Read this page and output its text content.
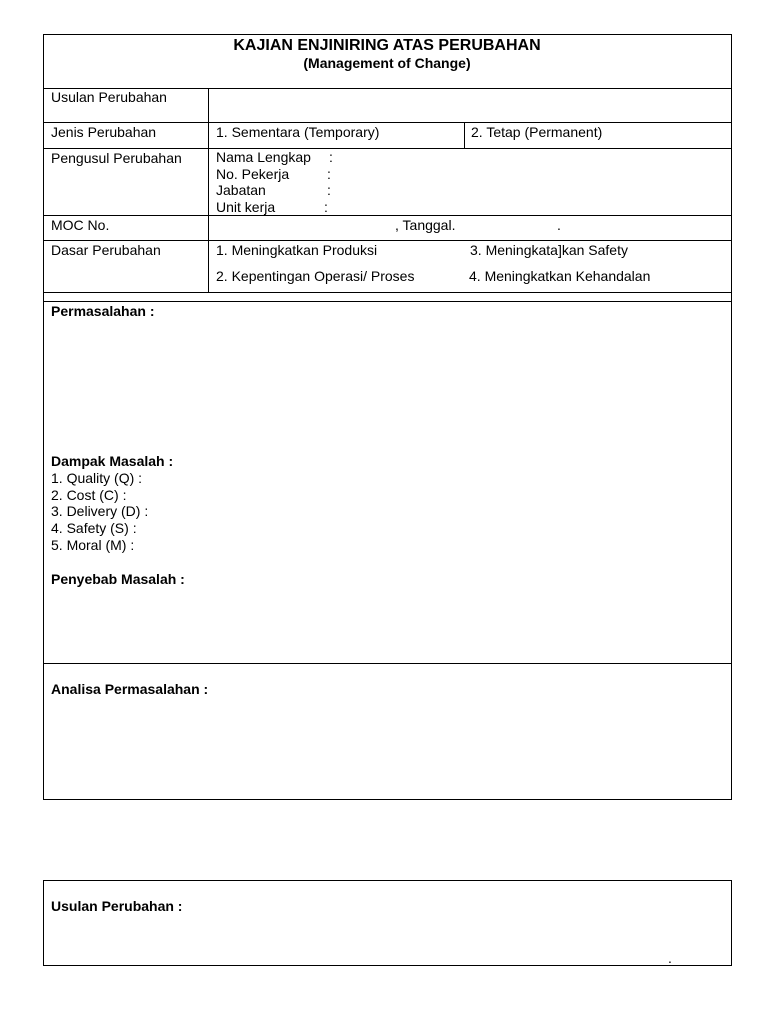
KAJIAN ENJINIRING ATAS PERUBAHAN
(Management of Change)
Usulan Perubahan
Jenis Perubahan	1. Sementara (Temporary)	2. Tetap (Permanent)
Pengusul Perubahan Nama Lengkap :
No. Pekerja	:
Jabatan	:
Unit kerja	:
MOC No.	, Tanggal.	.
Dasar Perubahan	1. Meningkatkan Produksi	3. Meningkata]kan Safety
2. Kepentingan Operasi/ Proses	4. Meningkatkan Kehandalan
Permasalahan :
Dampak Masalah :
1. Quality (Q) :
2. Cost (C) :
3. Delivery (D) :
4. Safety (S) :
5. Moral (M) :
Penyebab Masalah :
Analisa Permasalahan :
Usulan Perubahan :
.
